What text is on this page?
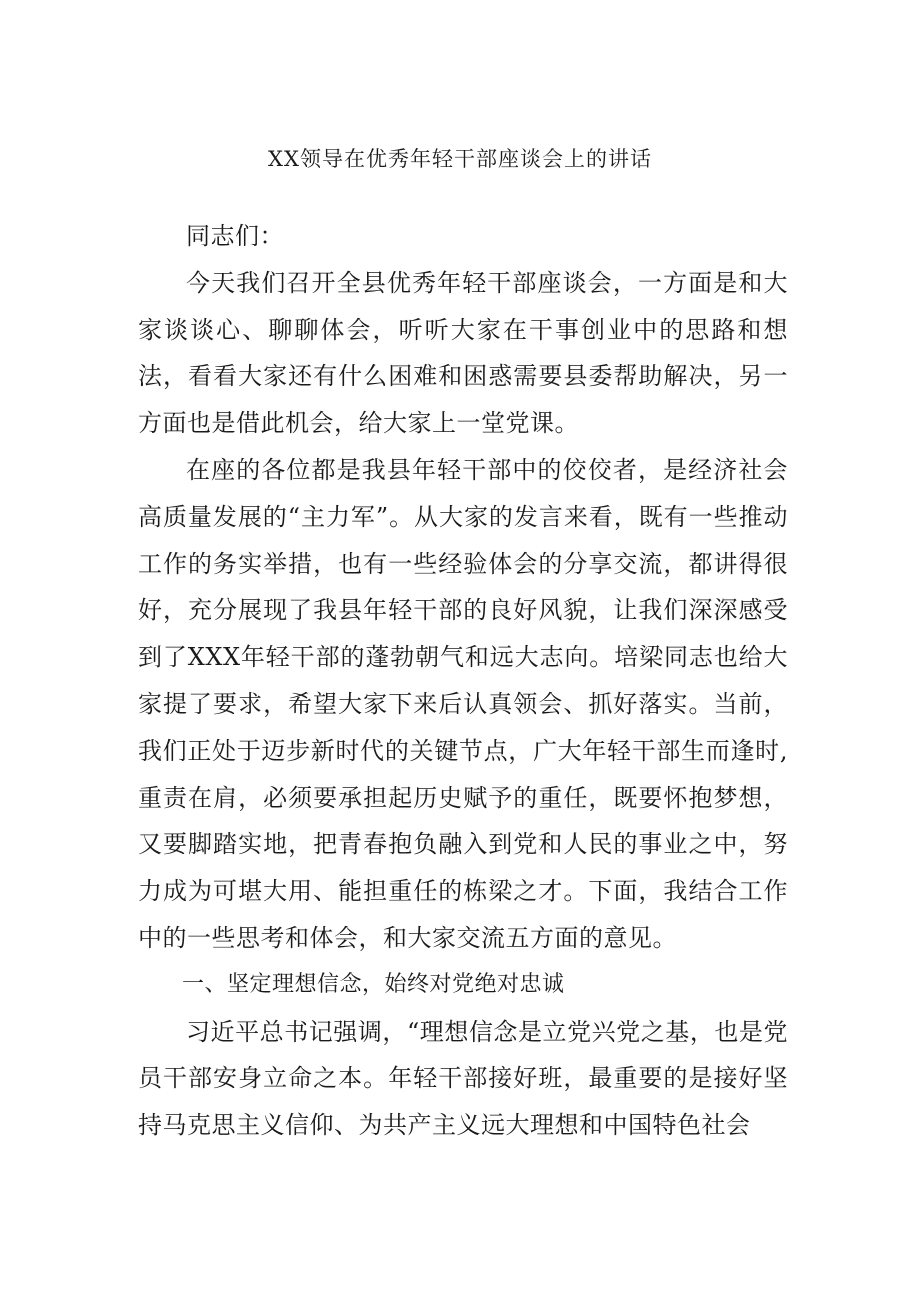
XX领导在优秀年轻干部座谈会上的讲话

同志们：

今天我们召开全县优秀年轻干部座谈会，一方面是和大家谈谈心、聊聊体会，听听大家在干事创业中的思路和想法，看看大家还有什么困难和困惑需要县委帮助解决，另一方面也是借此机会，给大家上一堂党课。

在座的各位都是我县年轻干部中的佼佼者，是经济社会高质量发展的“主力军”。从大家的发言来看，既有一些推动工作的务实举措，也有一些经验体会的分享交流，都讲得很好，充分展现了我县年轻干部的良好风貌，让我们深深感受到了XXX年轻干部的蓬勃朝气和远大志向。培梁同志也给大家提了要求，希望大家下来后认真领会、抓好落实。当前，我们正处于迈步新时代的关键节点，广大年轻干部生而逢时,重责在肩，必须要承担起历史赋予的重任，既要怀抱梦想，又要脚踏实地，把青春抱负融入到党和人民的事业之中，努力成为可堪大用、能担重任的栋梁之才。下面，我结合工作中的一些思考和体会，和大家交流五方面的意见。

一、坚定理想信念，始终对党绝对忠诚

习近平总书记强调，“理想信念是立党兴党之基，也是党员干部安身立命之本。年轻干部接好班，最重要的是接好坚持马克思主义信仰、为共产主义远大理想和中国特色社会
